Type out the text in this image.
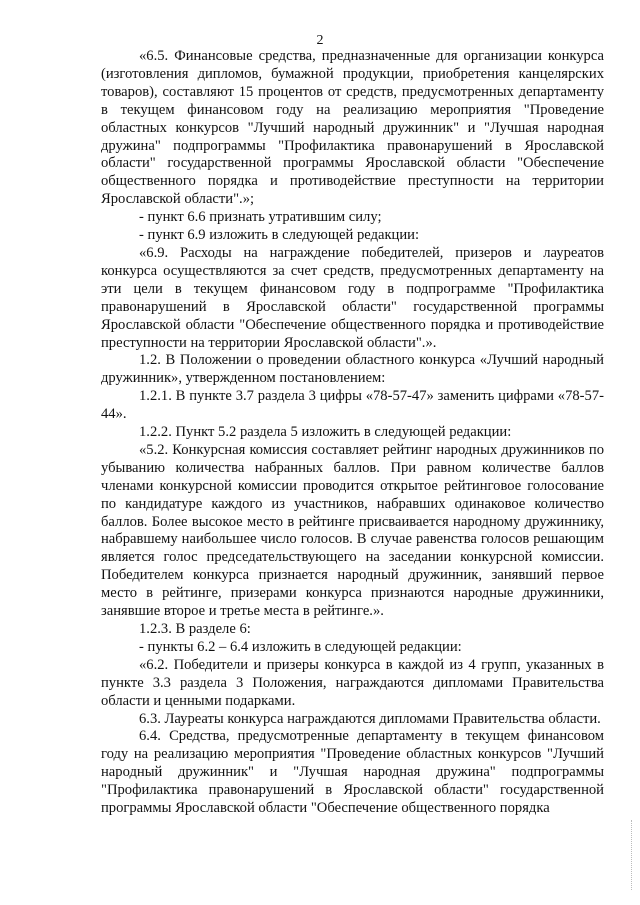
2

«6.5. Финансовые средства, предназначенные для организации конкурса (изготовления дипломов, бумажной продукции, приобретения канцелярских товаров), составляют 15 процентов от средств, предусмотренных департаменту в текущем финансовом году на реализацию мероприятия "Проведение областных конкурсов "Лучший народный дружинник" и "Лучшая народная дружина" подпрограммы "Профилактика правонарушений в Ярославской области" государственной программы Ярославской области "Обеспечение общественного порядка и противодействие преступности на территории Ярославской области".»;

- пункт 6.6 признать утратившим силу;

- пункт 6.9 изложить в следующей редакции:

«6.9. Расходы на награждение победителей, призеров и лауреатов конкурса осуществляются за счет средств, предусмотренных департаменту на эти цели в текущем финансовом году в подпрограмме "Профилактика правонарушений в Ярославской области" государственной программы Ярославской области "Обеспечение общественного порядка и противодействие преступности на территории Ярославской области".».

1.2. В Положении о проведении областного конкурса «Лучший народный дружинник», утвержденном постановлением:

1.2.1. В пункте 3.7 раздела 3 цифры «78-57-47» заменить цифрами «78-57-44».

1.2.2. Пункт 5.2 раздела 5 изложить в следующей редакции:

«5.2. Конкурсная комиссия составляет рейтинг народных дружинников по убыванию количества набранных баллов. При равном количестве баллов членами конкурсной комиссии проводится открытое рейтинговое голосование по кандидатуре каждого из участников, набравших одинаковое количество баллов. Более высокое место в рейтинге присваивается народному дружиннику, набравшему наибольшее число голосов. В случае равенства голосов решающим является голос председательствующего на заседании конкурсной комиссии. Победителем конкурса признается народный дружинник, занявший первое место в рейтинге, призерами конкурса признаются народные дружинники, занявшие второе и третье места в рейтинге.».

1.2.3. В разделе 6:

- пункты 6.2 – 6.4 изложить в следующей редакции:

«6.2. Победители и призеры конкурса в каждой из 4 групп, указанных в пункте 3.3 раздела 3 Положения, награждаются дипломами Правительства области и ценными подарками.

6.3. Лауреаты конкурса награждаются дипломами Правительства области.

6.4. Средства, предусмотренные департаменту в текущем финансовом году на реализацию мероприятия "Проведение областных конкурсов "Лучший народный дружинник" и "Лучшая народная дружина" подпрограммы "Профилактика правонарушений в Ярославской области" государственной программы Ярославской области "Обеспечение общественного порядка
